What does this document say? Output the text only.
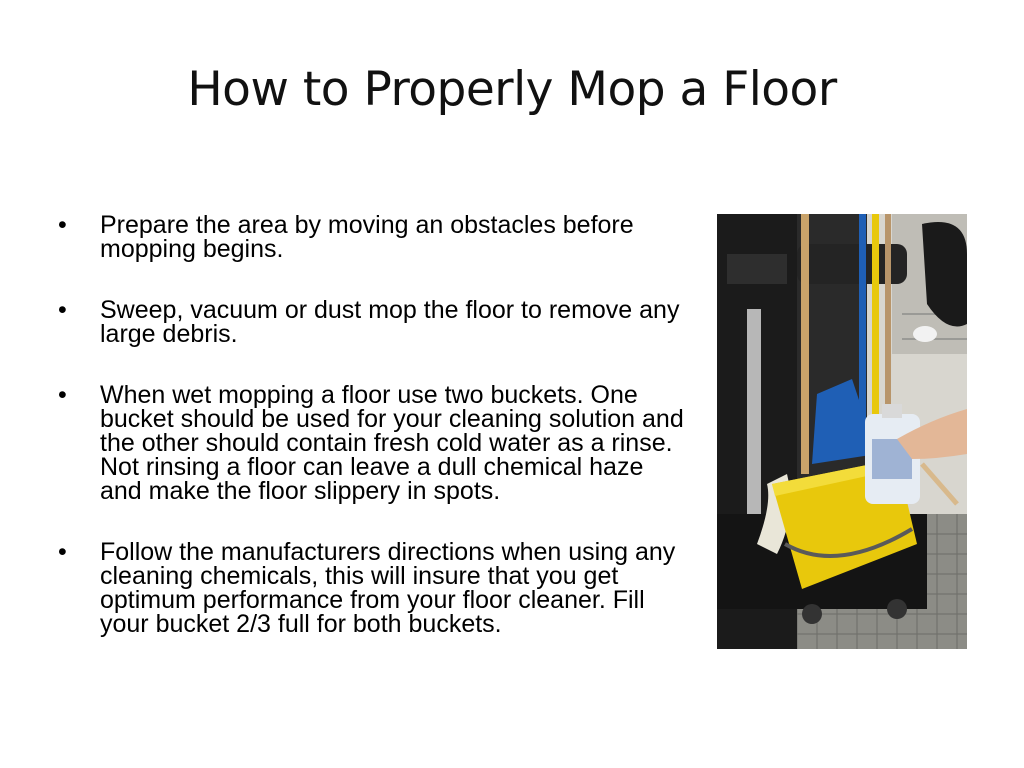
How to Properly Mop a Floor
• Prepare the area by moving an obstacles before mopping begins.
• Sweep, vacuum or dust mop the floor to remove any large debris.
• When wet mopping a floor use two buckets. One bucket should be used for your cleaning solution and the other should contain fresh cold water as a rinse. Not rinsing a floor can leave a dull chemical haze and make the floor slippery in spots.
• Follow the manufacturers directions when using any cleaning chemicals, this will insure that you get optimum performance from your floor cleaner. Fill your bucket 2/3 full for both buckets.
